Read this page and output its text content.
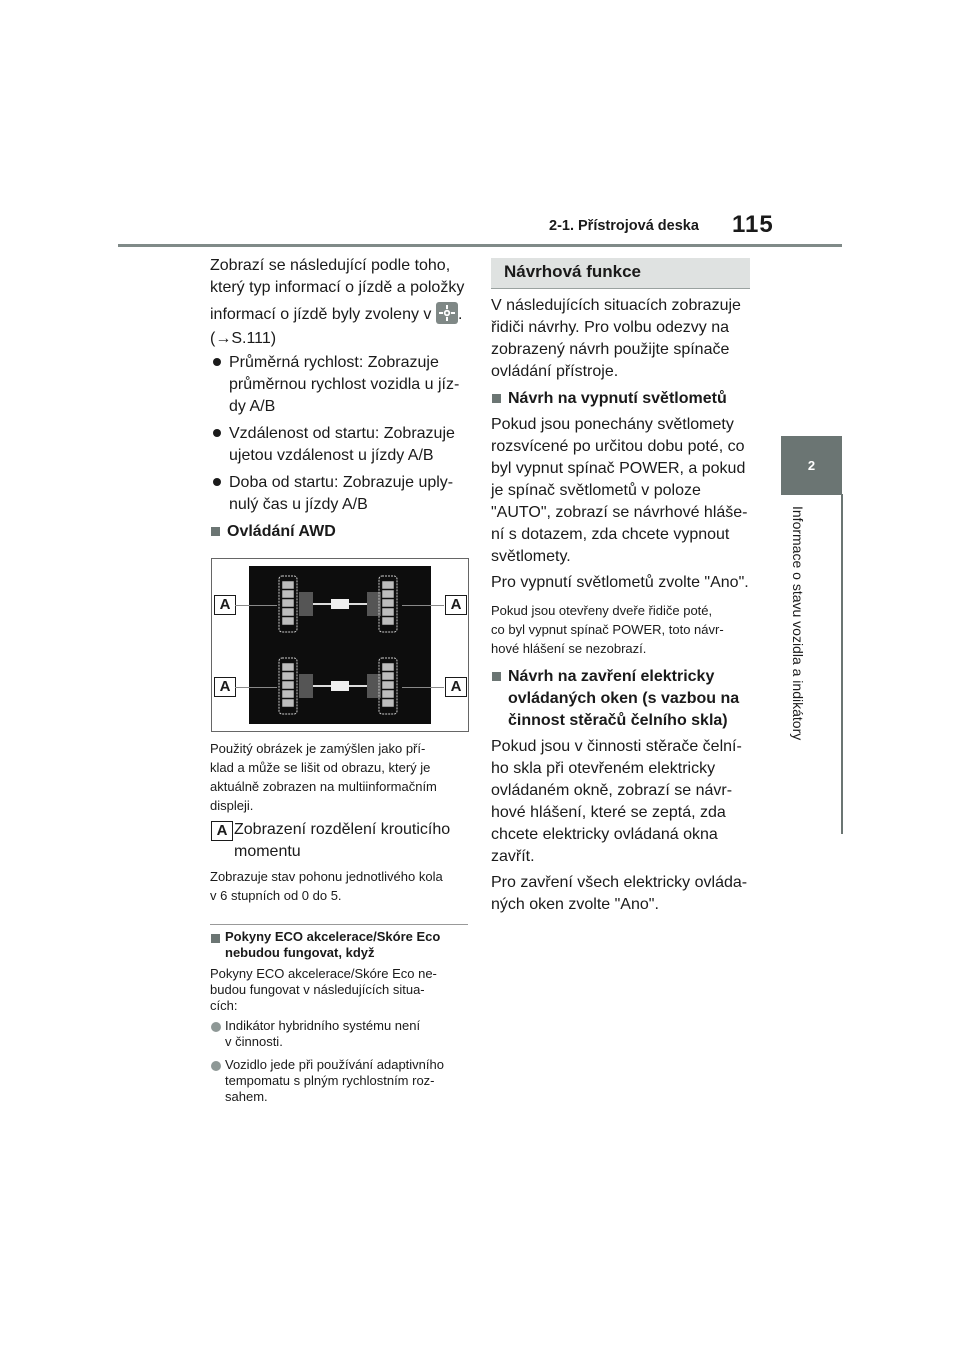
2-1. Přístrojová deska 115
2
Informace o stavu vozidla a indikátory

Zobrazí se následující podle toho,

který typ informací o jízdě a položky

informací o jízdě byly zvoleny v .

(→S.111)

Průměrná rychlost: Zobrazuje

průměrnou rychlost vozidla u jíz-

dy A/B

Vzdálenost od startu: Zobrazuje

ujetou vzdálenost u jízdy A/B

Doba od startu: Zobrazuje uply-

nulý čas u jízdy A/B

Ovládání AWD

A	A
A	A

Použitý obrázek je zamýšlen jako pří-

klad a může se lišit od obrazu, který je

aktuálně zobrazen na multiinformačním

displeji.

A Zobrazení rozdělení krouticího

momentu

Zobrazuje stav pohonu jednotlivého kola

v 6 stupních od 0 do 5.

Pokyny ECO akcelerace/Skóre Eco

nebudou fungovat, když

Pokyny ECO akcelerace/Skóre Eco ne-

budou fungovat v následujících situa-

cích:

Indikátor hybridního systému není

v činnosti.

Vozidlo jede při používání adaptivního

tempomatu s plným rychlostním roz-

sahem.

Návrhová funkce

V následujících situacích zobrazuje

řidiči návrhy. Pro volbu odezvy na

zobrazený návrh použijte spínače

ovládání přístroje.

Návrh na vypnutí světlometů

Pokud jsou ponechány světlomety

rozsvícené po určitou dobu poté, co

byl vypnut spínač POWER, a pokud

je spínač světlometů v poloze

"AUTO", zobrazí se návrhové hláše-

ní s dotazem, zda chcete vypnout

světlomety.

Pro vypnutí světlometů zvolte "Ano".

Pokud jsou otevřeny dveře řidiče poté,

co byl vypnut spínač POWER, toto návr-

hové hlášení se nezobrazí.

Návrh na zavření elektricky

ovládaných oken (s vazbou na

činnost stěračů čelního skla)

Pokud jsou v činnosti stěrače čelní-

ho skla při otevřeném elektricky

ovládaném okně, zobrazí se návr-

hové hlášení, které se zeptá, zda

chcete elektricky ovládaná okna

zavřít.

Pro zavření všech elektricky ovláda-

ných oken zvolte "Ano".
